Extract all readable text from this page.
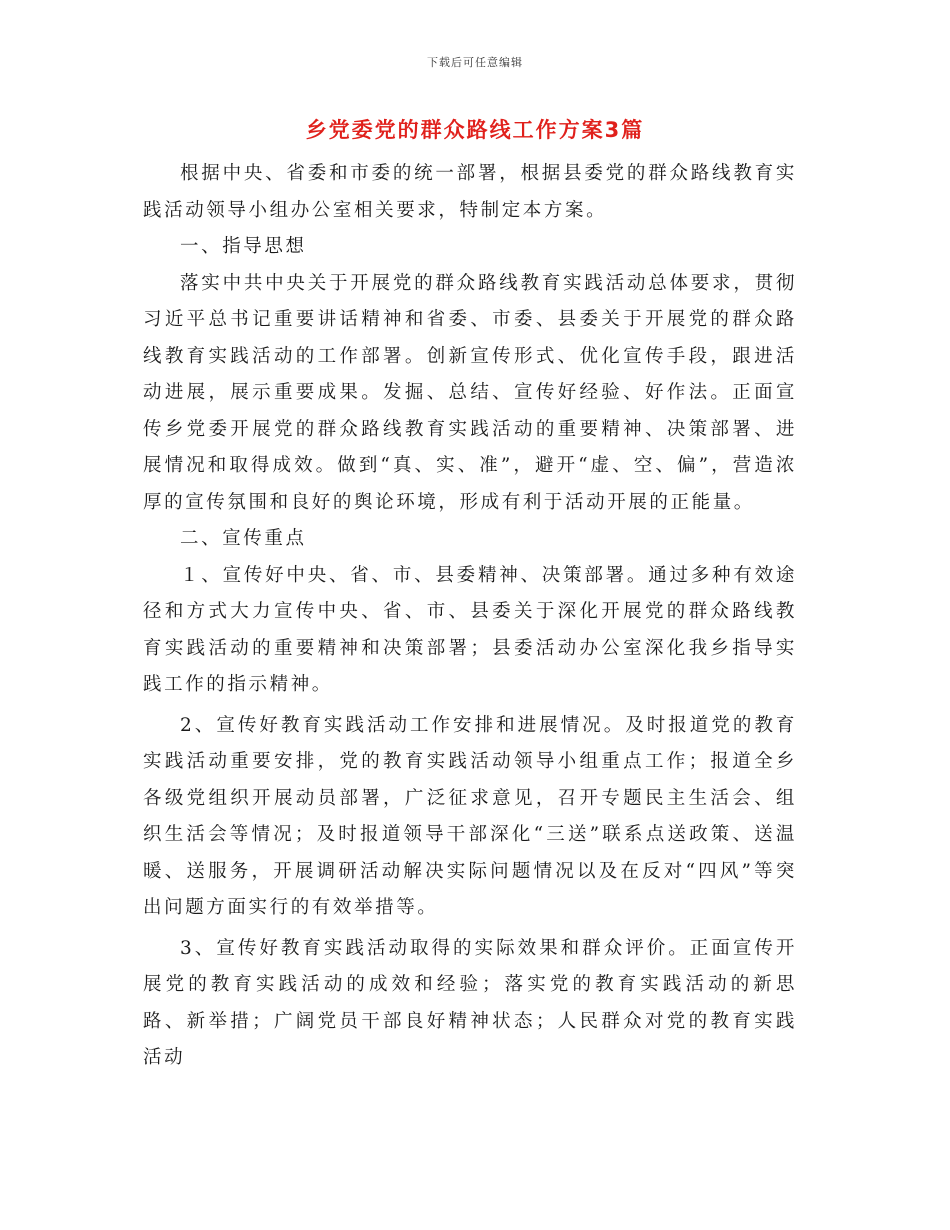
下载后可任意编辑
乡党委党的群众路线工作方案3篇

根据中央、省委和市委的统一部署，根据县委党的群众路线教育实践活动领导小组办公室相关要求，特制定本方案。

一、指导思想

落实中共中央关于开展党的群众路线教育实践活动总体要求，贯彻习近平总书记重要讲话精神和省委、市委、县委关于开展党的群众路线教育实践活动的工作部署。创新宣传形式、优化宣传手段，跟进活动进展，展示重要成果。发掘、总结、宣传好经验、好作法。正面宣传乡党委开展党的群众路线教育实践活动的重要精神、决策部署、进展情况和取得成效。做到“真、实、准”，避开“虚、空、偏”，营造浓厚的宣传氛围和良好的舆论环境，形成有利于活动开展的正能量。

二、宣传重点

１、宣传好中央、省、市、县委精神、决策部署。通过多种有效途径和方式大力宣传中央、省、市、县委关于深化开展党的群众路线教育实践活动的重要精神和决策部署；县委活动办公室深化我乡指导实践工作的指示精神。

2、宣传好教育实践活动工作安排和进展情况。及时报道党的教育实践活动重要安排，党的教育实践活动领导小组重点工作；报道全乡各级党组织开展动员部署，广泛征求意见，召开专题民主生活会、组织生活会等情况；及时报道领导干部深化“三送”联系点送政策、送温暖、送服务，开展调研活动解决实际问题情况以及在反对“四风”等突出问题方面实行的有效举措等。

3、宣传好教育实践活动取得的实际效果和群众评价。正面宣传开展党的教育实践活动的成效和经验；落实党的教育实践活动的新思路、新举措；广阔党员干部良好精神状态；人民群众对党的教育实践活动
